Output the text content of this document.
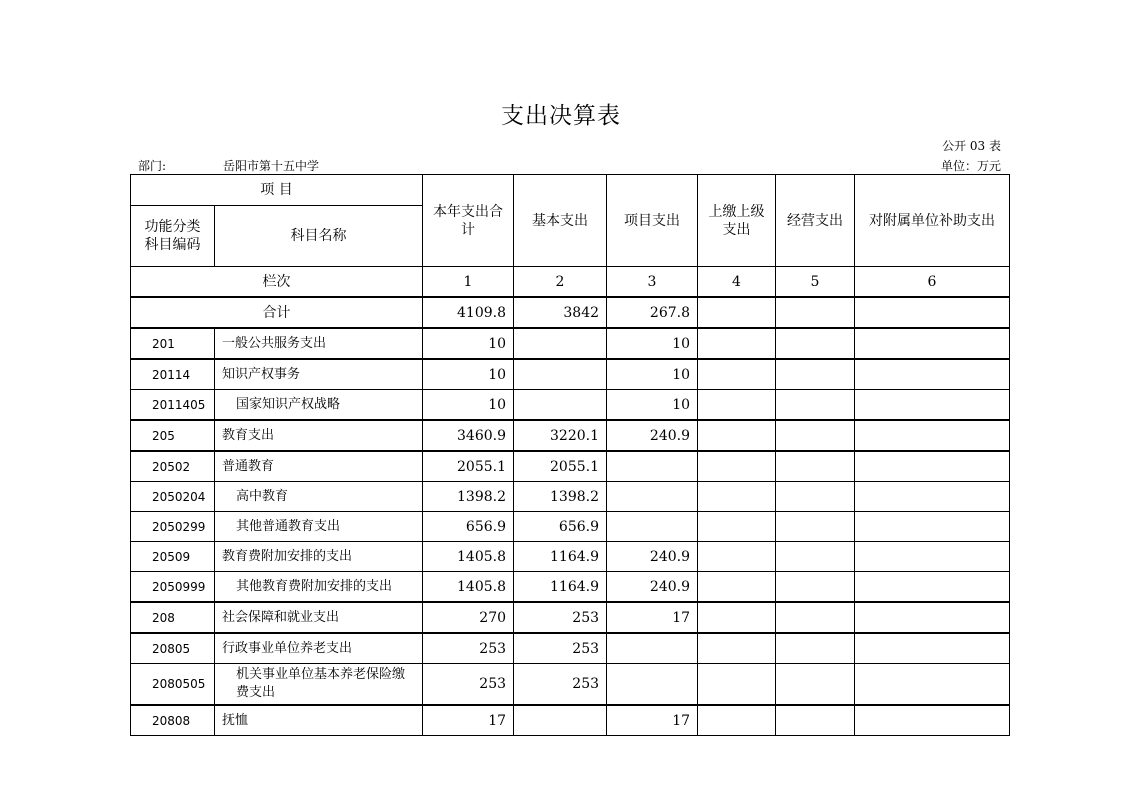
支出决算表
公开 03 表
部门:	岳阳市第十五中学	单位：万元
项 目		本年支出合计	基本支出	项目支出	上缴上级支出	经营支出	对附属单位补助支出
功能分类科目编码	科目名称						
栏次		1	2	3	4	5	6
合计		4109.8	3842	267.8			
201	一般公共服务支出	10		10			
20114	知识产权事务	10		10			
2011405	国家知识产权战略	10		10			
205	教育支出	3460.9	3220.1	240.9			
20502	普通教育	2055.1	2055.1				
2050204	高中教育	1398.2	1398.2				
2050299	其他普通教育支出	656.9	656.9				
20509	教育费附加安排的支出	1405.8	1164.9	240.9			
2050999	其他教育费附加安排的支出	1405.8	1164.9	240.9			
208	社会保障和就业支出	270	253	17			
20805	行政事业单位养老支出	253	253				
2080505	机关事业单位基本养老保险缴费支出	253	253				
20808	抚恤	17		17			
